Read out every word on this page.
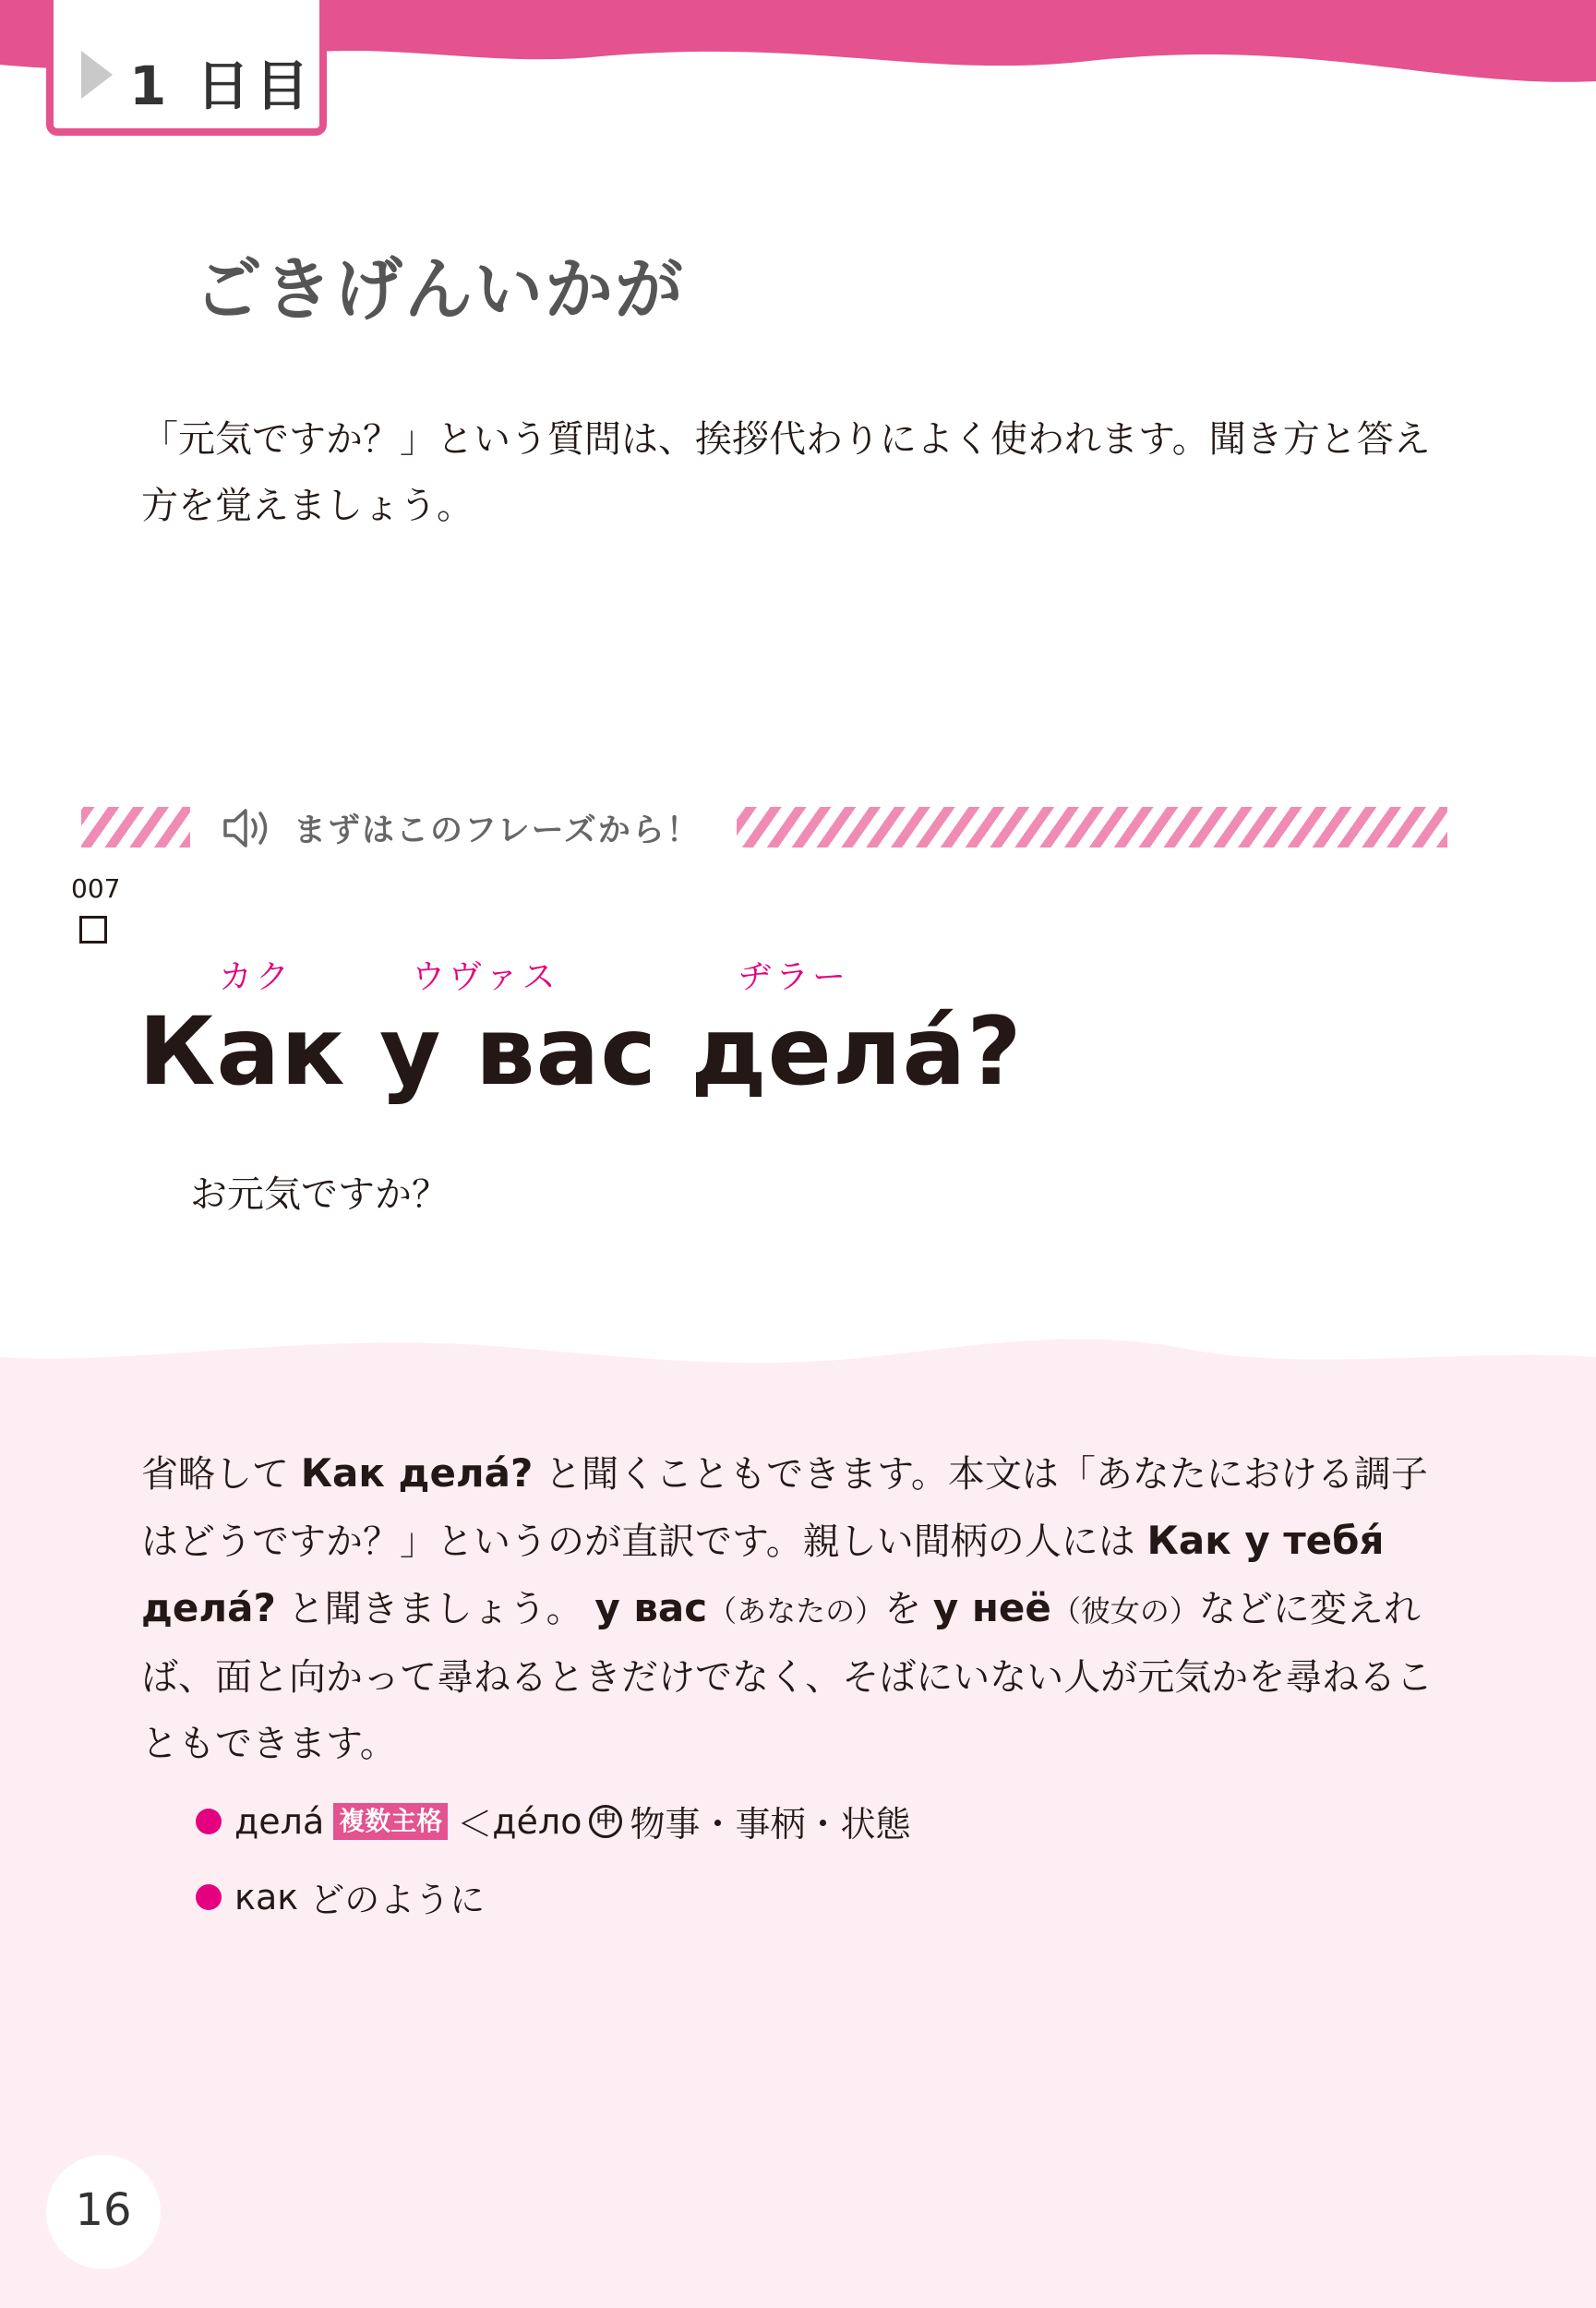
1 日目
ごきげんいかが
「元気ですか？」という質問は、挨拶代わりによく使われます。聞き方と答え方を覚えましょう。
まずはこのフレーズから！
007
カク	ウヴァス	ヂラー
Как у вас дела́?
お元気ですか？
省略して Как дела́? と聞くこともできます。本文は「あなたにおける調子はどうですか？」というのが直訳です。親しい間柄の人には Как у тебя́ дела́? と聞きましょう。 у вас（あなたの）を у неё（彼女の）などに変えれば、面と向かって尋ねるときだけでなく、そばにいない人が元気かを尋ねることもできます。
дела́ 複数主格 ＜ де́ло 中 物事・事柄・状態
как
どのように
16
